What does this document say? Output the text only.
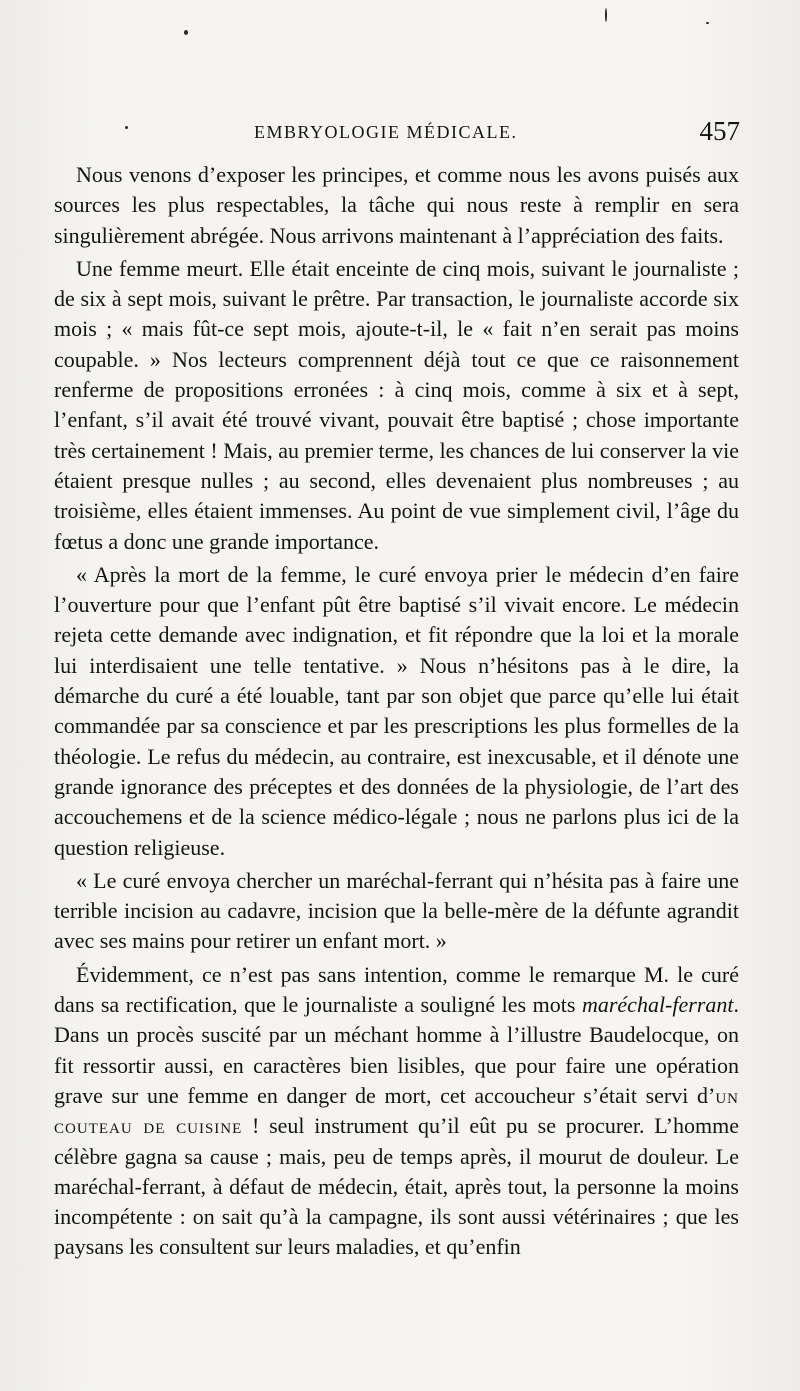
EMBRYOLOGIE MÉDICALE.	457

Nous venons d’exposer les principes, et comme nous les avons puisés aux sources les plus respectables, la tâche qui nous reste à remplir en sera singulièrement abrégée. Nous arrivons maintenant à l’appréciation des faits.

Une femme meurt. Elle était enceinte de cinq mois, suivant le journaliste ; de six à sept mois, suivant le prêtre. Par transaction, le journaliste accorde six mois ; « mais fût-ce sept mois, ajoute-t-il, le « fait n’en serait pas moins coupable. » Nos lecteurs comprennent déjà tout ce que ce raisonnement renferme de propositions erronées : à cinq mois, comme à six et à sept, l’enfant, s’il avait été trouvé vivant, pouvait être baptisé ; chose importante très certainement ! Mais, au premier terme, les chances de lui conserver la vie étaient presque nulles ; au second, elles devenaient plus nombreuses ; au troisième, elles étaient immenses. Au point de vue simplement civil, l’âge du fœtus a donc une grande importance.

« Après la mort de la femme, le curé envoya prier le médecin d’en faire l’ouverture pour que l’enfant pût être baptisé s’il vivait encore. Le médecin rejeta cette demande avec indignation, et fit répondre que la loi et la morale lui interdisaient une telle tentative. » Nous n’hésitons pas à le dire, la démarche du curé a été louable, tant par son objet que parce qu’elle lui était commandée par sa conscience et par les prescriptions les plus formelles de la théologie. Le refus du médecin, au contraire, est inexcusable, et il dénote une grande ignorance des préceptes et des données de la physiologie, de l’art des accouchemens et de la science médico-légale ; nous ne parlons plus ici de la question religieuse.

« Le curé envoya chercher un maréchal-ferrant qui n’hésita pas à faire une terrible incision au cadavre, incision que la belle-mère de la défunte agrandit avec ses mains pour retirer un enfant mort. »

Évidemment, ce n’est pas sans intention, comme le remarque M. le curé dans sa rectification, que le journaliste a souligné les mots maréchal-ferrant. Dans un procès suscité par un méchant homme à l’illustre Baudelocque, on fit ressortir aussi, en caractères bien lisibles, que pour faire une opération grave sur une femme en danger de mort, cet accoucheur s’était servi d’un couteau de cuisine ! seul instrument qu’il eût pu se procurer. L’homme célèbre gagna sa cause ; mais, peu de temps après, il mourut de douleur. Le maréchal-ferrant, à défaut de médecin, était, après tout, la personne la moins incompétente : on sait qu’à la campagne, ils sont aussi vétérinaires ; que les paysans les consultent sur leurs maladies, et qu’enfin
